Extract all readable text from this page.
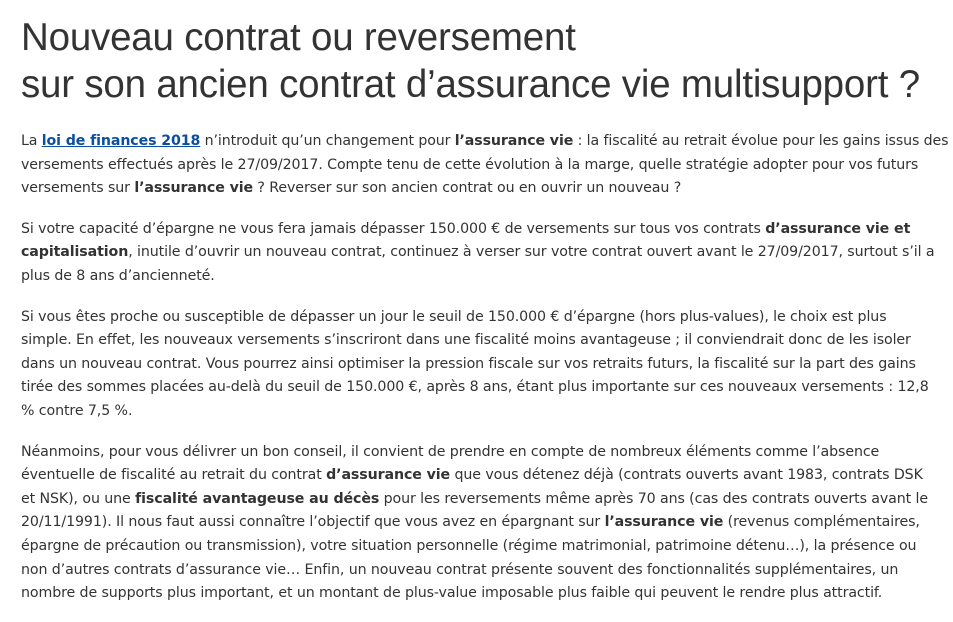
Nouveau contrat ou reversement
sur son ancien contrat d’assurance vie multisupport ?

La loi de finances 2018 n’introduit qu’un changement pour l’assurance vie : la fiscalité au retrait évolue pour les gains issus des
versements effectués après le 27/09/2017. Compte tenu de cette évolution à la marge, quelle stratégie adopter pour vos futurs
versements sur l’assurance vie ? Reverser sur son ancien contrat ou en ouvrir un nouveau ?

Si votre capacité d’épargne ne vous fera jamais dépasser 150.000 € de versements sur tous vos contrats d’assurance vie et
capitalisation, inutile d’ouvrir un nouveau contrat, continuez à verser sur votre contrat ouvert avant le 27/09/2017, surtout s’il a
plus de 8 ans d’ancienneté.

Si vous êtes proche ou susceptible de dépasser un jour le seuil de 150.000 € d’épargne (hors plus-values), le choix est plus
simple. En effet, les nouveaux versements s’inscriront dans une fiscalité moins avantageuse ; il conviendrait donc de les isoler
dans un nouveau contrat. Vous pourrez ainsi optimiser la pression fiscale sur vos retraits futurs, la fiscalité sur la part des gains
tirée des sommes placées au-delà du seuil de 150.000 €, après 8 ans, étant plus importante sur ces nouveaux versements : 12,8
% contre 7,5 %.

Néanmoins, pour vous délivrer un bon conseil, il convient de prendre en compte de nombreux éléments comme l’absence
éventuelle de fiscalité au retrait du contrat d’assurance vie que vous détenez déjà (contrats ouverts avant 1983, contrats DSK
et NSK), ou une fiscalité avantageuse au décès pour les reversements même après 70 ans (cas des contrats ouverts avant le
20/11/1991). Il nous faut aussi connaître l’objectif que vous avez en épargnant sur l’assurance vie (revenus complémentaires,
épargne de précaution ou transmission), votre situation personnelle (régime matrimonial, patrimoine détenu…), la présence ou
non d’autres contrats d’assurance vie… Enfin, un nouveau contrat présente souvent des fonctionnalités supplémentaires, un
nombre de supports plus important, et un montant de plus-value imposable plus faible qui peuvent le rendre plus attractif.
